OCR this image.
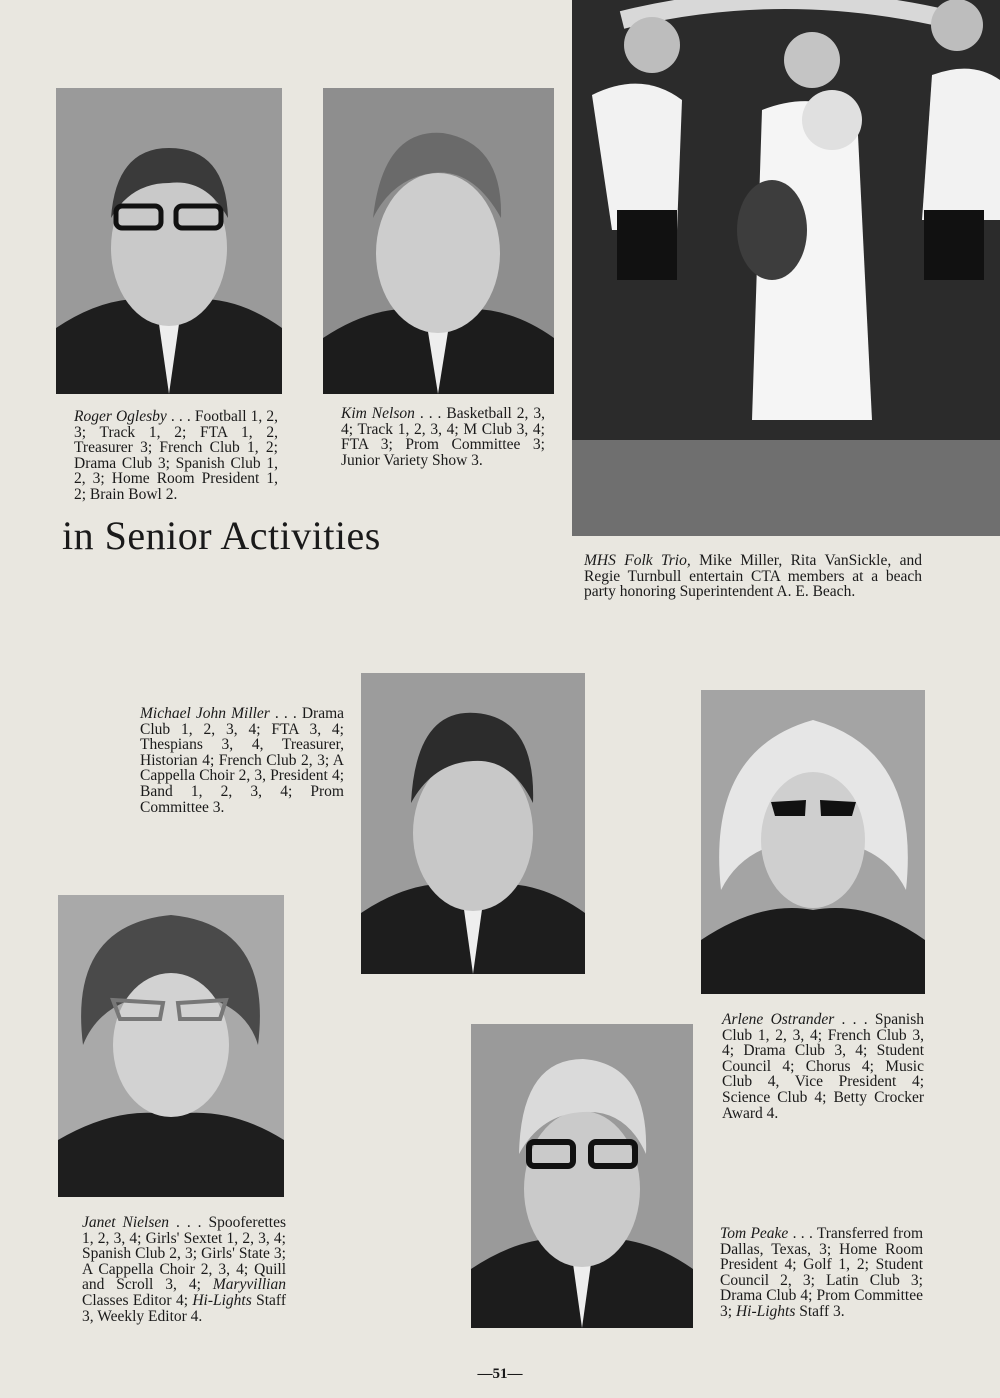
Roger Oglesby . . . Football 1, 2, 3; Track 1, 2; FTA 1, 2, Treasurer 3; French Club 1, 2; Drama Club 3; Spanish Club 1, 2, 3; Home Room President 1, 2; Brain Bowl 2.
Kim Nelson . . . Basketball 2, 3, 4; Track 1, 2, 3, 4; M Club 3, 4; FTA 3; Prom Committee 3; Junior Variety Show 3.
in Senior Activities
MHS Folk Trio, Mike Miller, Rita VanSickle, and Regie Turnbull entertain CTA members at a beach party honoring Superintendent A. E. Beach.
Michael John Miller . . . Drama Club 1, 2, 3, 4; FTA 3, 4; Thespians 3, 4, Treasurer, Historian 4; French Club 2, 3; A Cappella Choir 2, 3, President 4; Band 1, 2, 3, 4; Prom Committee 3.
Arlene Ostrander . . . Spanish Club 1, 2, 3, 4; French Club 3, 4; Drama Club 3, 4; Student Council 4; Chorus 4; Music Club 4, Vice President 4; Science Club 4; Betty Crocker Award 4.
Janet Nielsen . . . Spooferettes 1, 2, 3, 4; Girls' Sextet 1, 2, 3, 4; Spanish Club 2, 3; Girls' State 3; A Cappella Choir 2, 3, 4; Quill and Scroll 3, 4; Maryvillian Classes Editor 4; Hi-Lights Staff 3, Weekly Editor 4.
Tom Peake . . . Transferred from Dallas, Texas, 3; Home Room President 4; Golf 1, 2; Student Council 2, 3; Latin Club 3; Drama Club 4; Prom Committee 3; Hi-Lights Staff 3.
—51—
